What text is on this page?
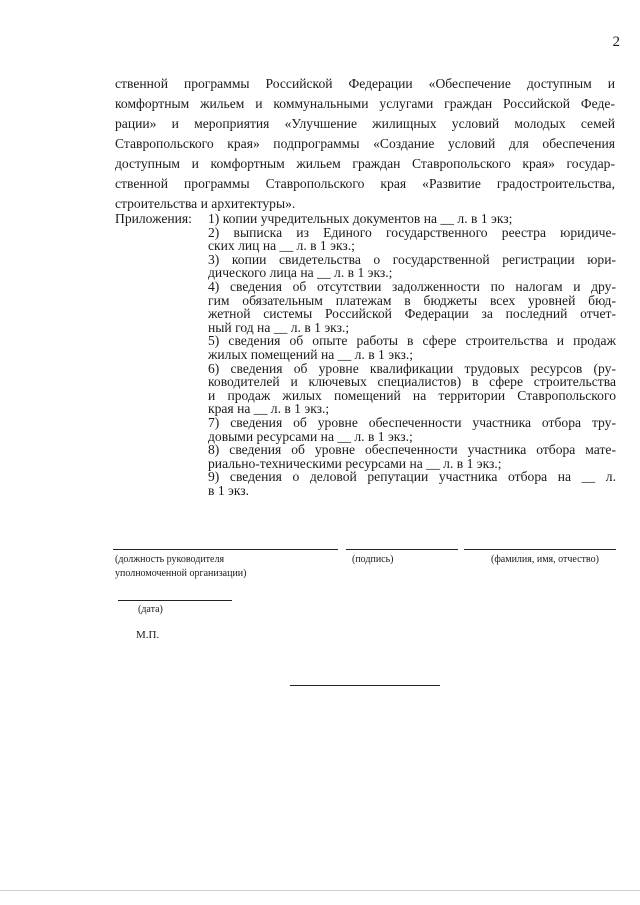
2
ственной программы Российской Федерации «Обеспечение доступным и
комфортным жильем и коммунальными услугами граждан Российской Феде-
рации» и мероприятия «Улучшение жилищных условий молодых семей
Ставропольского края» подпрограммы «Создание условий для обеспечения
доступным и комфортным жильем граждан Ставропольского края» государ-
ственной программы Ставропольского края «Развитие градостроительства,
строительства и архитектуры».
Приложения: 1) копии учредительных документов на __ л. в 1 экз;
2) выписка из Единого государственного реестра юридиче-
ских лиц на __ л. в 1 экз.;
3) копии свидетельства о государственной регистрации юри-
дического лица на __ л. в 1 экз.;
4) сведения об отсутствии задолженности по налогам и дру-
гим обязательным платежам в бюджеты всех уровней бюд-
жетной системы Российской Федерации за последний отчет-
ный год на __ л. в 1 экз.;
5) сведения об опыте работы в сфере строительства и продаж
жилых помещений на __ л. в 1 экз.;
6) сведения об уровне квалификации трудовых ресурсов (ру-
ководителей и ключевых специалистов) в сфере строительства
и продаж жилых помещений на территории Ставропольского
края на __ л. в 1 экз.;
7) сведения об уровне обеспеченности участника отбора тру-
довыми ресурсами на __ л. в 1 экз.;
8) сведения об уровне обеспеченности участника отбора мате-
риально-техническими ресурсами на __ л. в 1 экз.;
9) сведения о деловой репутации участника отбора на __ л.
в 1 экз.
(должность руководителя
уполномоченной организации)
(подпись)	(фамилия, имя, отчество)
(дата)
М.П.
